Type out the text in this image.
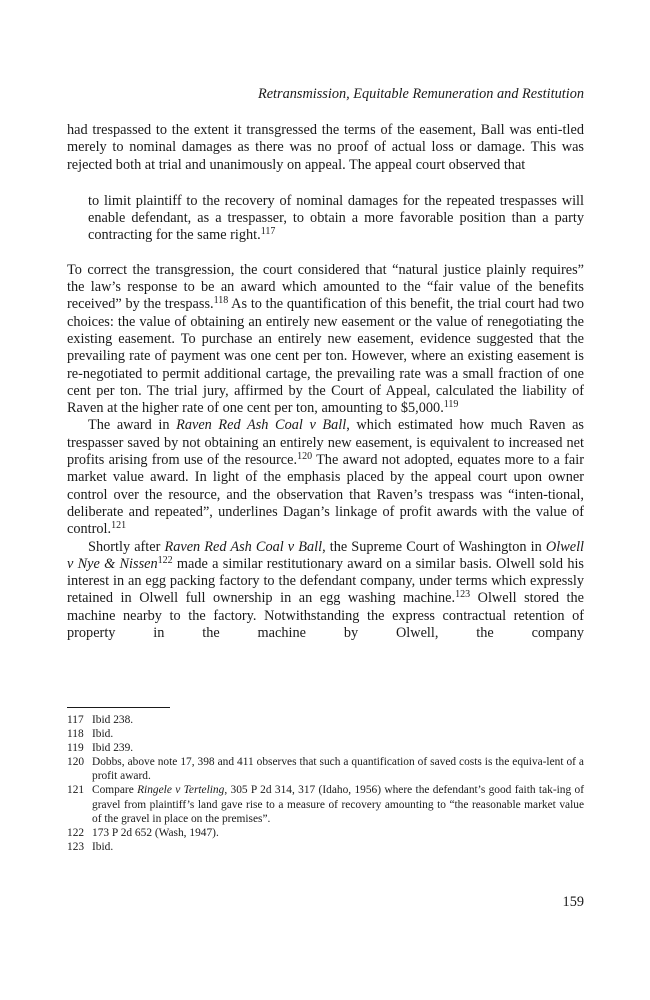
Retransmission, Equitable Remuneration and Restitution

had trespassed to the extent it transgressed the terms of the easement, Ball was enti-tled merely to nominal damages as there was no proof of actual loss or damage. This was rejected both at trial and unanimously on appeal. The appeal court observed that

to limit plaintiff to the recovery of nominal damages for the repeated trespasses will enable defendant, as a trespasser, to obtain a more favorable position than a party contracting for the same right.$^{117}$

To correct the transgression, the court considered that “natural justice plainly requires” the law’s response to be an award which amounted to the “fair value of the benefits received” by the trespass.$^{118}$ As to the quantification of this benefit, the trial court had two choices: the value of obtaining an entirely new easement or the value of renegotiating the existing easement. To purchase an entirely new easement, evidence suggested that the prevailing rate of payment was one cent per ton. However, where an existing easement is re-negotiated to permit additional cartage, the prevailing rate was a small fraction of one cent per ton. The trial jury, affirmed by the Court of Appeal, calculated the liability of Raven at the higher rate of one cent per ton, amounting to $5,000.$^{119}$

The award in Raven Red Ash Coal v Ball, which estimated how much Raven as trespasser saved by not obtaining an entirely new easement, is equivalent to increased net profits arising from use of the resource.$^{120}$ The award not adopted, equates more to a fair market value award. In light of the emphasis placed by the appeal court upon owner control over the resource, and the observation that Raven’s trespass was “inten-tional, deliberate and repeated”, underlines Dagan’s linkage of profit awards with the value of control.$^{121}$

Shortly after Raven Red Ash Coal v Ball, the Supreme Court of Washington in Olwell v Nye & Nissen$^{122}$ made a similar restitutionary award on a similar basis. Olwell sold his interest in an egg packing factory to the defendant company, under terms which expressly retained in Olwell full ownership in an egg washing machine.$^{123}$ Olwell stored the machine nearby to the factory. Notwithstanding the express contractual retention of property in the machine by Olwell, the company

117 Ibid 238.
118 Ibid.
119 Ibid 239.
120 Dobbs, above note 17, 398 and 411 observes that such a quantification of saved costs is the equiva-lent of a profit award.
121 Compare Ringele v Terteling, 305 P 2d 314, 317 (Idaho, 1956) where the defendant’s good faith tak-ing of gravel from plaintiff’s land gave rise to a measure of recovery amounting to “the reasonable market value of the gravel in place on the premises”.
122 173 P 2d 652 (Wash, 1947).
123 Ibid.
159
